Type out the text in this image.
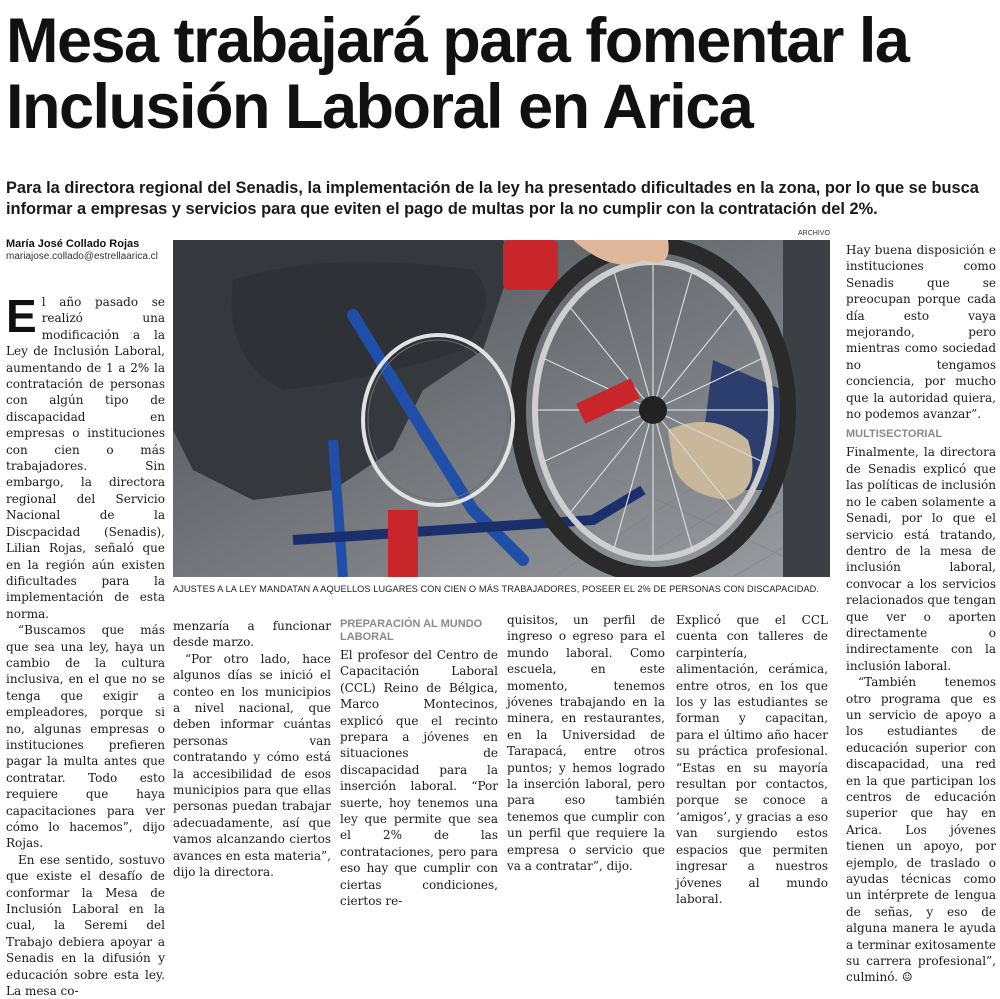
Mesa trabajará para fomentar la
Inclusión Laboral en Arica

Para la directora regional del Senadis, la implementación de la ley ha presentado dificultades en la zona, por lo que se busca informar a empresas y servicios para que eviten el pago de multas por la no cumplir con la contratación del 2%.

María José Collado Rojas
mariajose.collado@estrellaarica.cl
ARCHIVO

AJUSTES A LA LEY MANDATAN A AQUELLOS LUGARES CON CIEN O MÁS TRABAJADORES, POSEER EL 2% DE PERSONAS CON DISCAPACIDAD.

El año pasado se realizó una modificación a la Ley de Inclusión Laboral, aumentando de 1 a 2% la contratación de personas con algún tipo de discapacidad en empresas o instituciones con cien o más trabajadores. Sin embargo, la directora regional del Servicio Nacional de la Discpacidad (Senadis), Lilian Rojas, señaló que en la región aún existen dificultades para la implementación de esta norma.

“Buscamos que más que sea una ley, haya un cambio de la cultura inclusiva, en el que no se tenga que exigir a empleadores, porque si no, algunas empresas o instituciones prefieren pagar la multa antes que contratar. Todo esto requiere que haya capacitaciones para ver cómo lo hacemos”, dijo Rojas.

En ese sentido, sostuvo que existe el desafío de conformar la Mesa de Inclusión Laboral en la cual, la Seremi del Trabajo debiera apoyar a Senadis en la difusión y educación sobre esta ley. La mesa co-

menzaría a funcionar desde marzo.

“Por otro lado, hace algunos días se inició el conteo en los municipios a nivel nacional, que deben informar cuántas personas van contratando y cómo está la accesibilidad de esos municipios para que ellas personas puedan trabajar adecuadamente, así que vamos alcanzando ciertos avances en esta materia”, dijo la directora.

PREPARACIÓN AL MUNDO LABORAL

El profesor del Centro de Capacitación Laboral (CCL) Reino de Bélgica, Marco Montecinos, explicó que el recinto prepara a jóvenes en situaciones de discapacidad para la inserción laboral. “Por suerte, hoy tenemos una ley que permite que sea el 2% de las contrataciones, pero para eso hay que cumplir con ciertas condiciones, ciertos re-

quisitos, un perfil de ingreso o egreso para el mundo laboral. Como escuela, en este momento, tenemos jóvenes trabajando en la minera, en restaurantes, en la Universidad de Tarapacá, entre otros puntos; y hemos logrado la inserción laboral, pero para eso también tenemos que cumplir con un perfil que requiere la empresa o servicio que va a contratar”, dijo.

Explicó que el CCL cuenta con talleres de carpintería, alimentación, cerámica, entre otros, en los que los y las estudiantes se forman y capacitan, para el último año hacer su práctica profesional. “Estas en su mayoría resultan por contactos, porque se conoce a ‘amigos’, y gracias a eso van surgiendo estos espacios que permiten ingresar a nuestros jóvenes al mundo laboral.

Hay buena disposición e instituciones como Senadis que se preocupan porque cada día esto vaya mejorando, pero mientras como sociedad no tengamos conciencia, por mucho que la autoridad quiera, no podemos avanzar”.

MULTISECTORIAL

Finalmente, la directora de Senadis explicó que las políticas de inclusión no le caben solamente a Senadi, por lo que el servicio está tratando, dentro de la mesa de inclusión laboral, convocar a los servicios relacionados que tengan que ver o aporten directamente o indirectamente con la inclusión laboral.

“También tenemos otro programa que es un servicio de apoyo a los estudiantes de educación superior con discapacidad, una red en la que participan los centros de educación superior que hay en Arica. Los jóvenes tienen un apoyo, por ejemplo, de traslado o ayudas técnicas como un intérprete de lengua de señas, y eso de alguna manera le ayuda a terminar exitosamente su carrera profesional”, culminó. ☺
